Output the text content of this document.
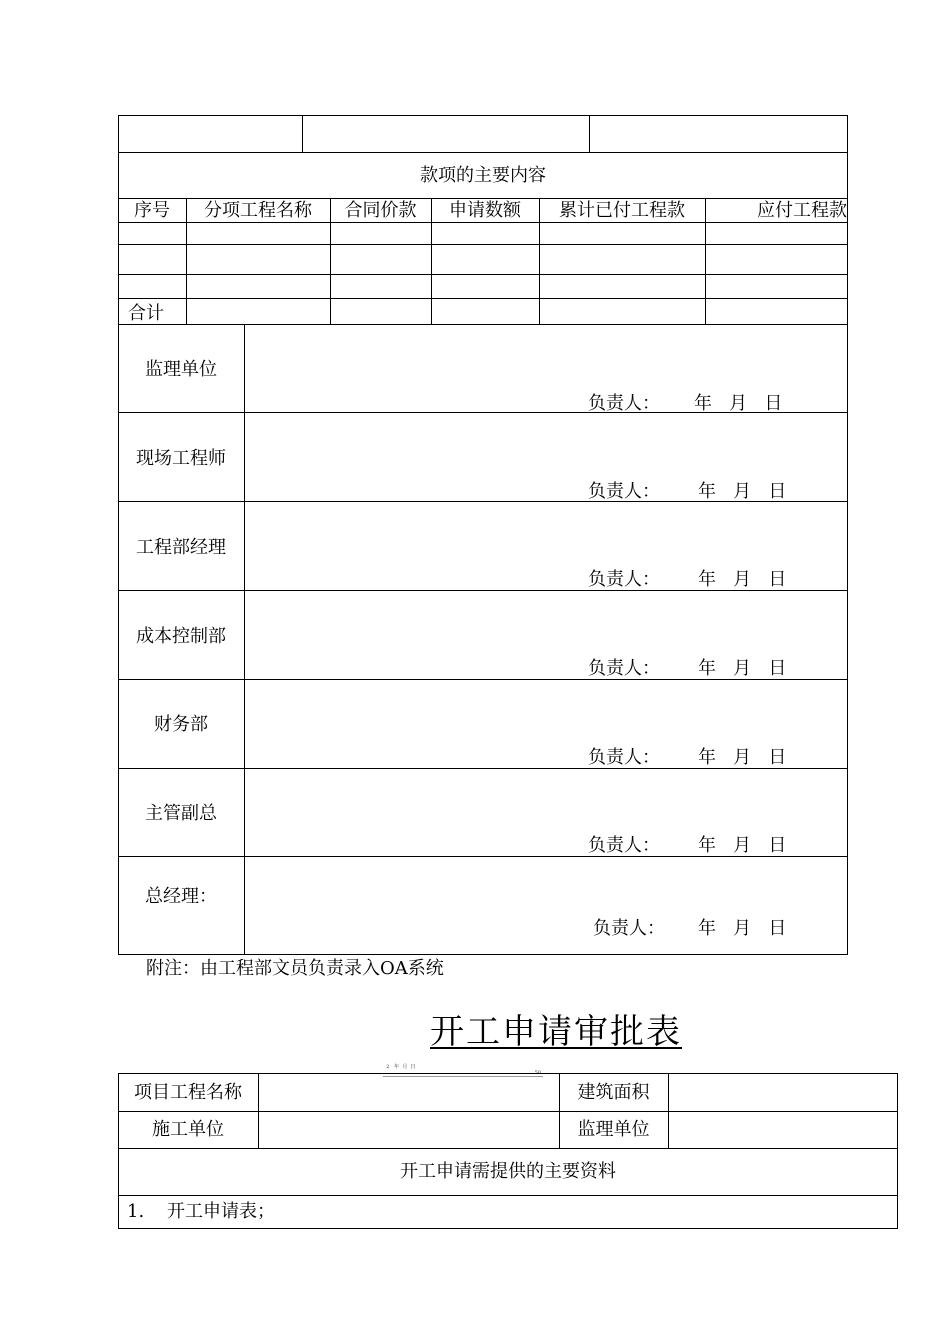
款项的主要内容
序号	分项工程名称	合同价款	申请数额	累计已付工程款	应付工程款
合计
监理单位
负责人： 年   月   日
现场工程师
负责人： 年   月   日
工程部经理
负责人： 年   月   日
成本控制部
负责人： 年   月   日
财务部
负责人： 年   月   日
主管副总
负责人： 年   月   日
总经理：
负责人： 年   月   日
附注：由工程部文员负责录入OA系统
开工申请审批表

2   年  月  日

50

项目工程名称	建筑面积
施工单位	监理单位
开工申请需提供的主要资料
1.    开工申请表；
